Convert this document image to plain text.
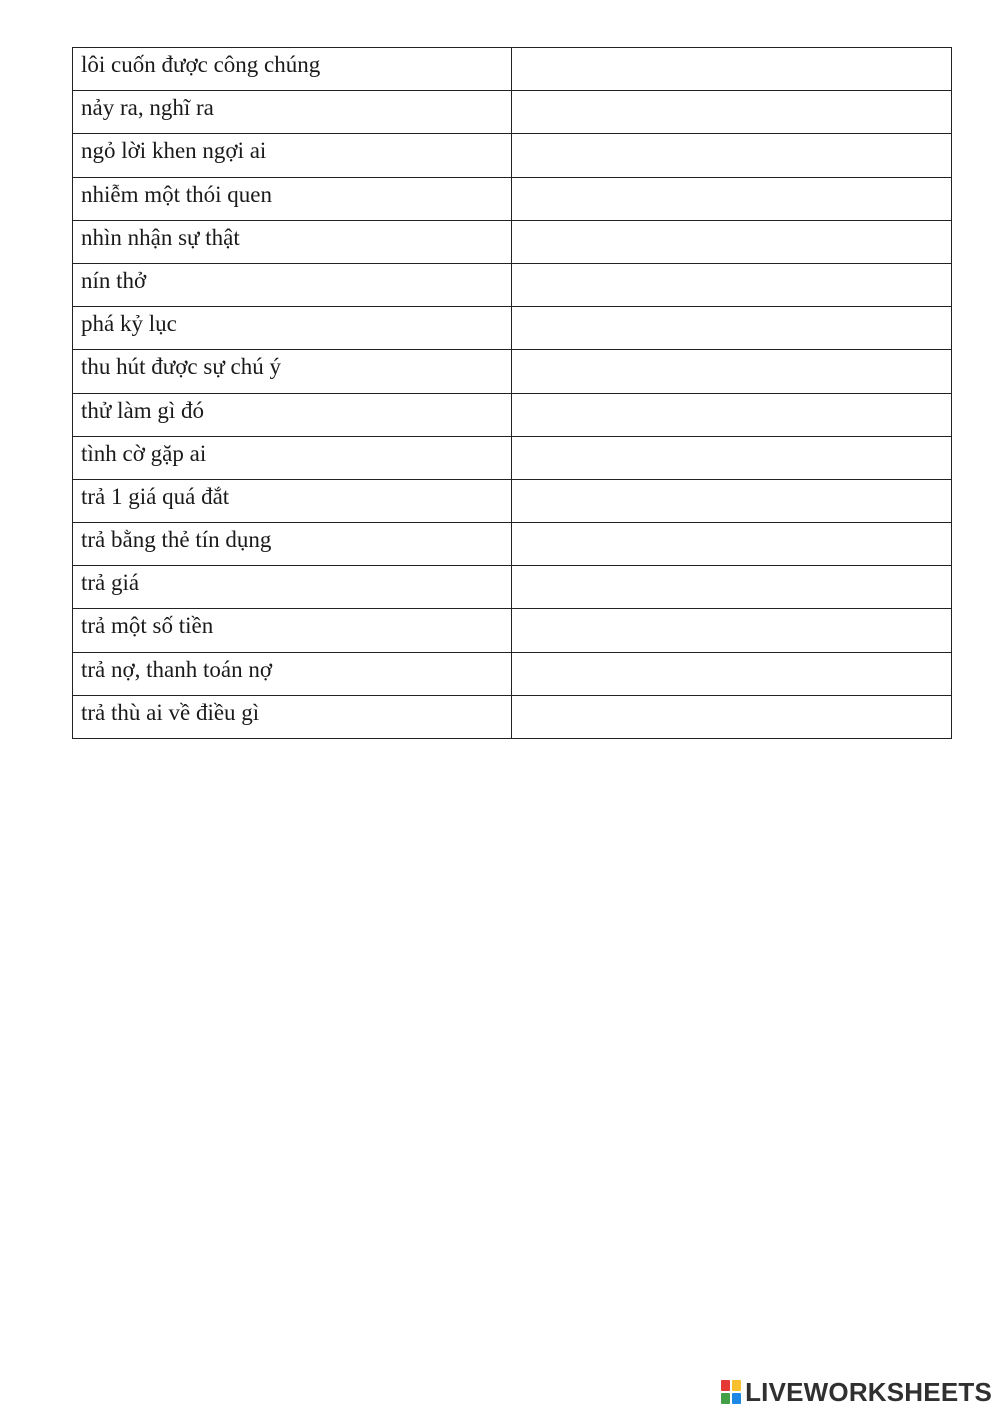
lôi cuốn được công chúng	
nảy ra, nghĩ ra	
ngỏ lời khen ngợi ai	
nhiễm một thói quen	
nhìn nhận sự thật	
nín thở	
phá kỷ lục	
thu hút được sự chú ý	
thử làm gì đó	
tình cờ gặp ai	
trả 1 giá quá đắt	
trả bằng thẻ tín dụng	
trả giá	
trả một số tiền	
trả nợ, thanh toán nợ	
trả thù ai về điều gì	
LIVEWORKSHEETS
